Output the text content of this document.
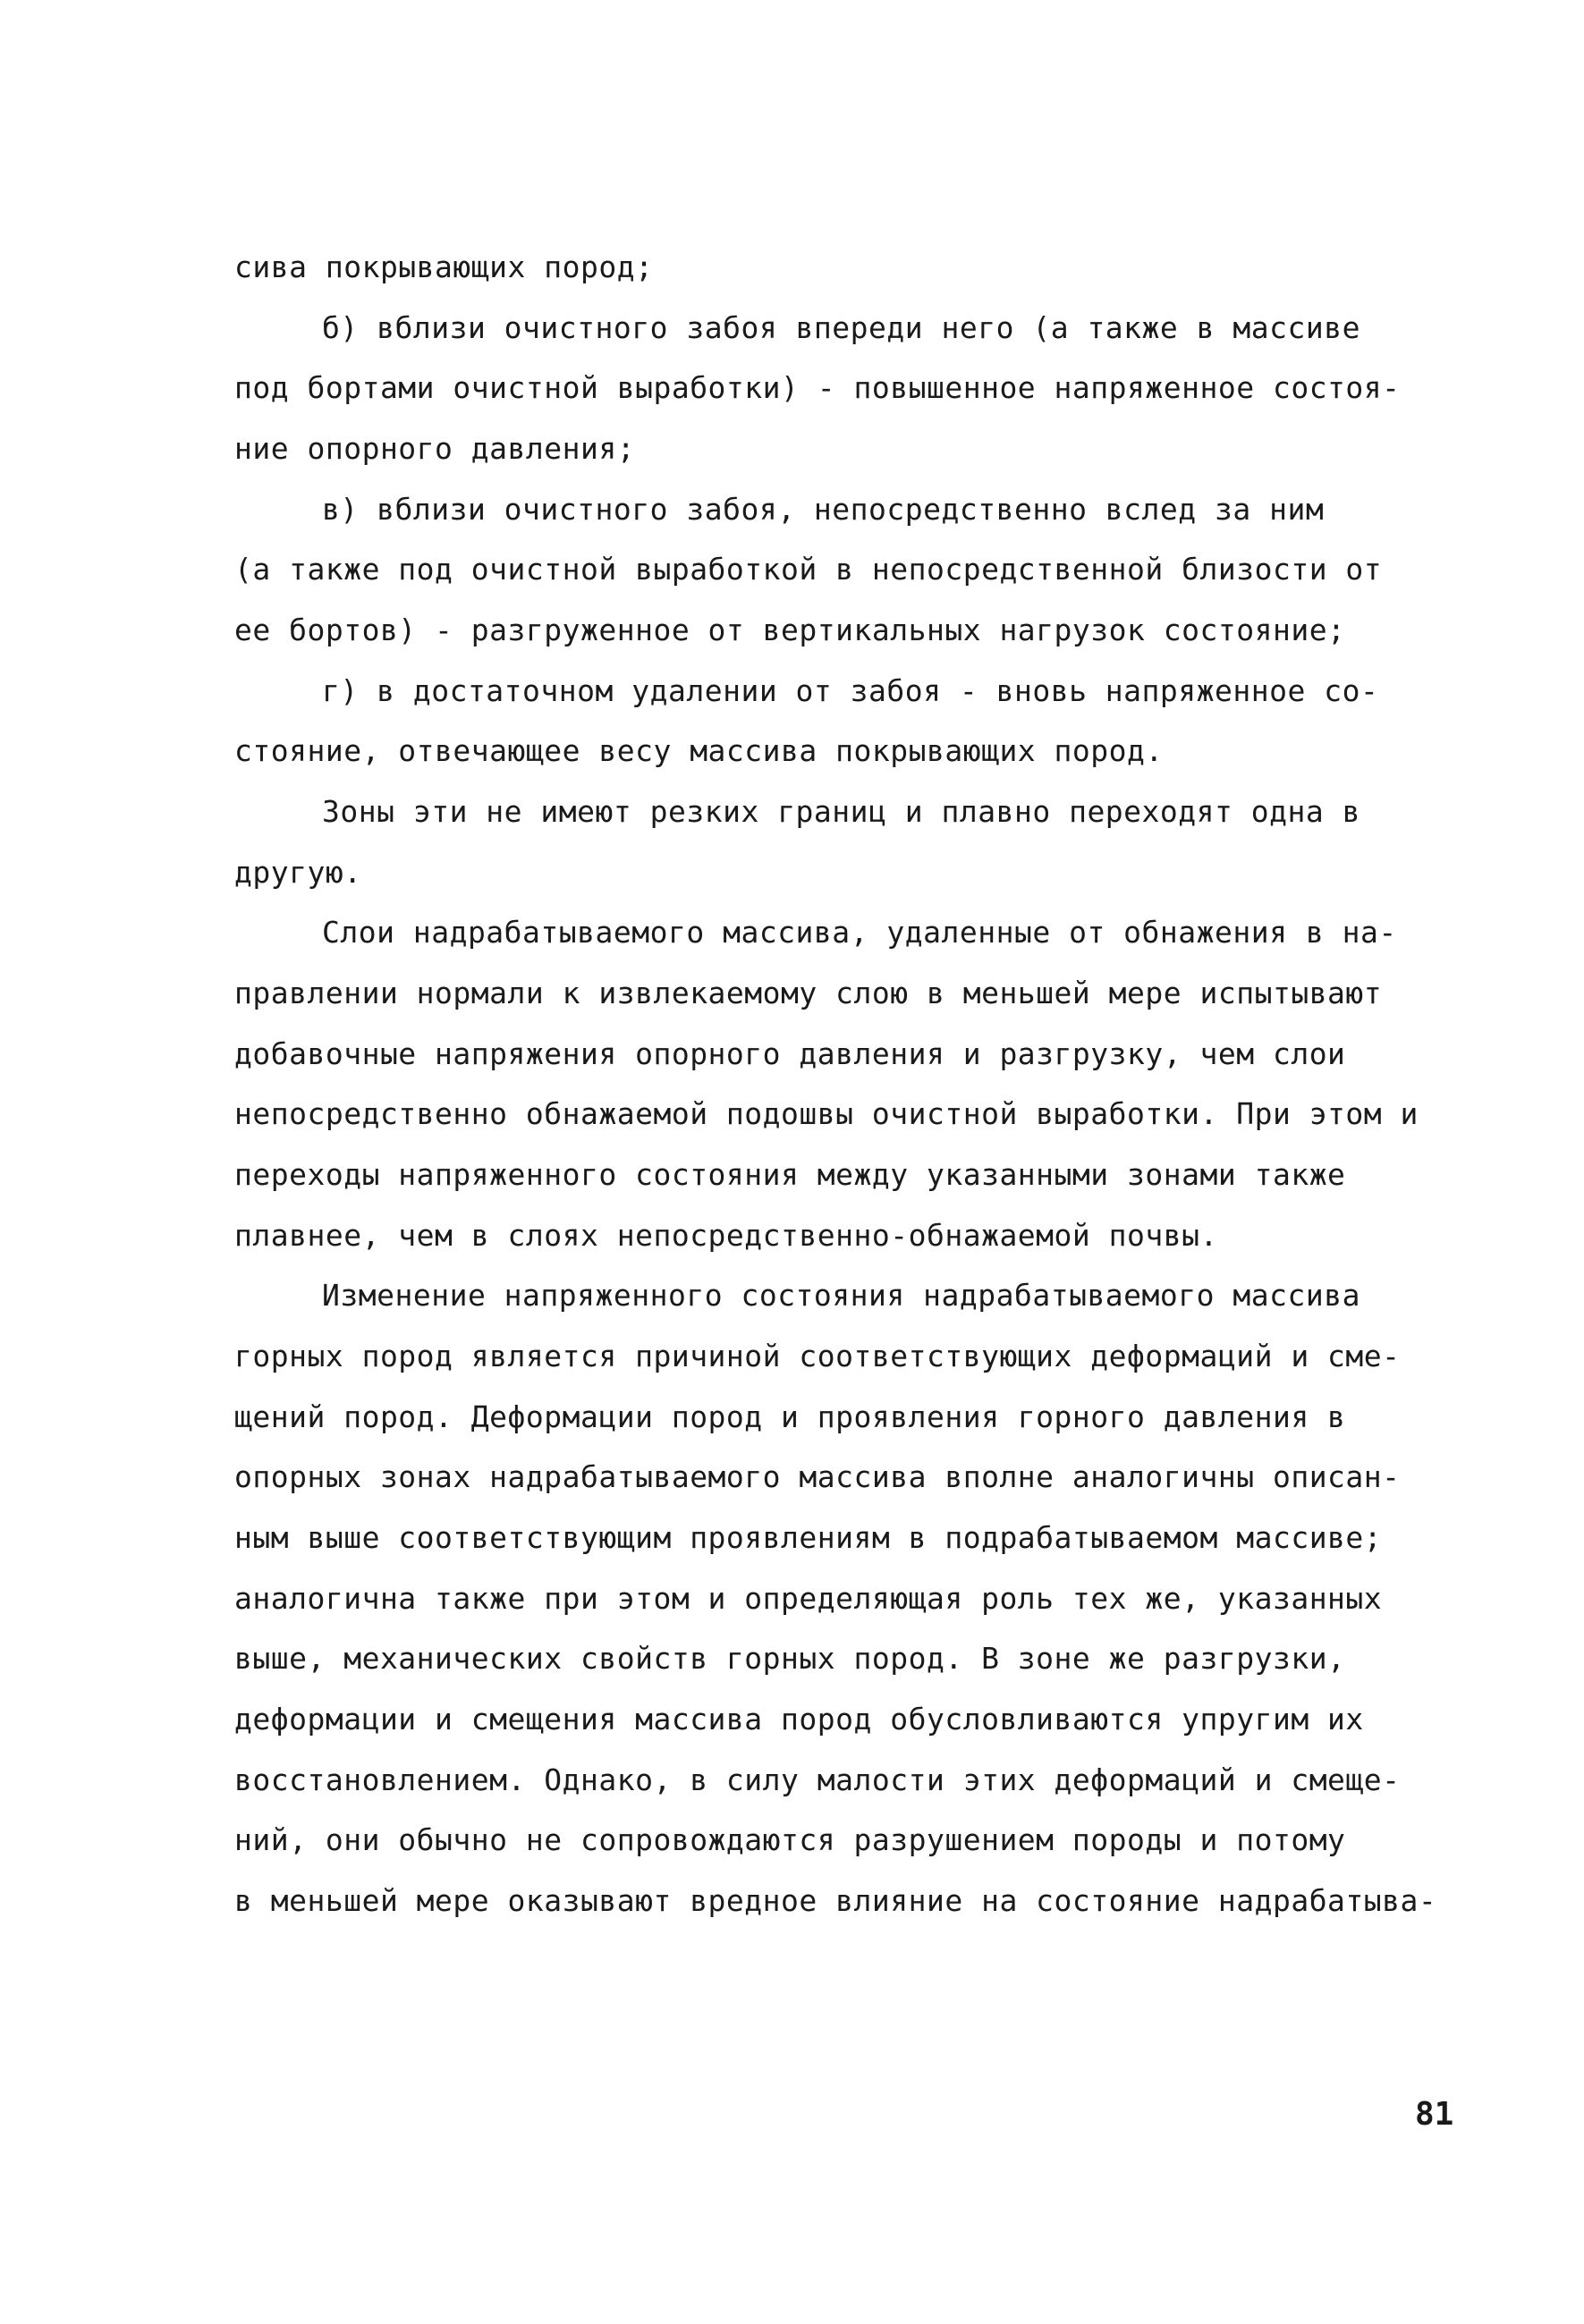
сива покрывающих пород;
б) вблизи очистного забоя впереди него (а также в массиве
под бортами очистной выработки) - повышенное напряженное состоя-
ние опорного давления;
в) вблизи очистного забоя, непосредственно вслед за ним
(а также под очистной выработкой в непосредственной близости от
ее бортов) - разгруженное от вертикальных нагрузок состояние;
г) в достаточном удалении от забоя - вновь напряженное со-
стояние, отвечающее весу массива покрывающих пород.
Зоны эти не имеют резких границ и плавно переходят одна в
другую.
Слои надрабатываемого массива, удаленные от обнажения в на-
правлении нормали к извлекаемому слою в меньшей мере испытывают
добавочные напряжения опорного давления и разгрузку, чем слои
непосредственно обнажаемой подошвы очистной выработки. При этом и
переходы напряженного состояния между указанными зонами также
плавнее, чем в слоях непосредственно-обнажаемой почвы.
Изменение напряженного состояния надрабатываемого массива
горных пород является причиной соответствующих деформаций и сме-
щений пород. Деформации пород и проявления горного давления в
опорных зонах надрабатываемого массива вполне аналогичны описан-
ным выше соответствующим проявлениям в подрабатываемом массиве;
аналогична также при этом и определяющая роль тех же, указанных
выше, механических свойств горных пород. В зоне же разгрузки,
деформации и смещения массива пород обусловливаются упругим их
восстановлением. Однако, в силу малости этих деформаций и смеще-
ний, они обычно не сопровождаются разрушением породы и потому
в меньшей мере оказывают вредное влияние на состояние надрабатыва-
81
